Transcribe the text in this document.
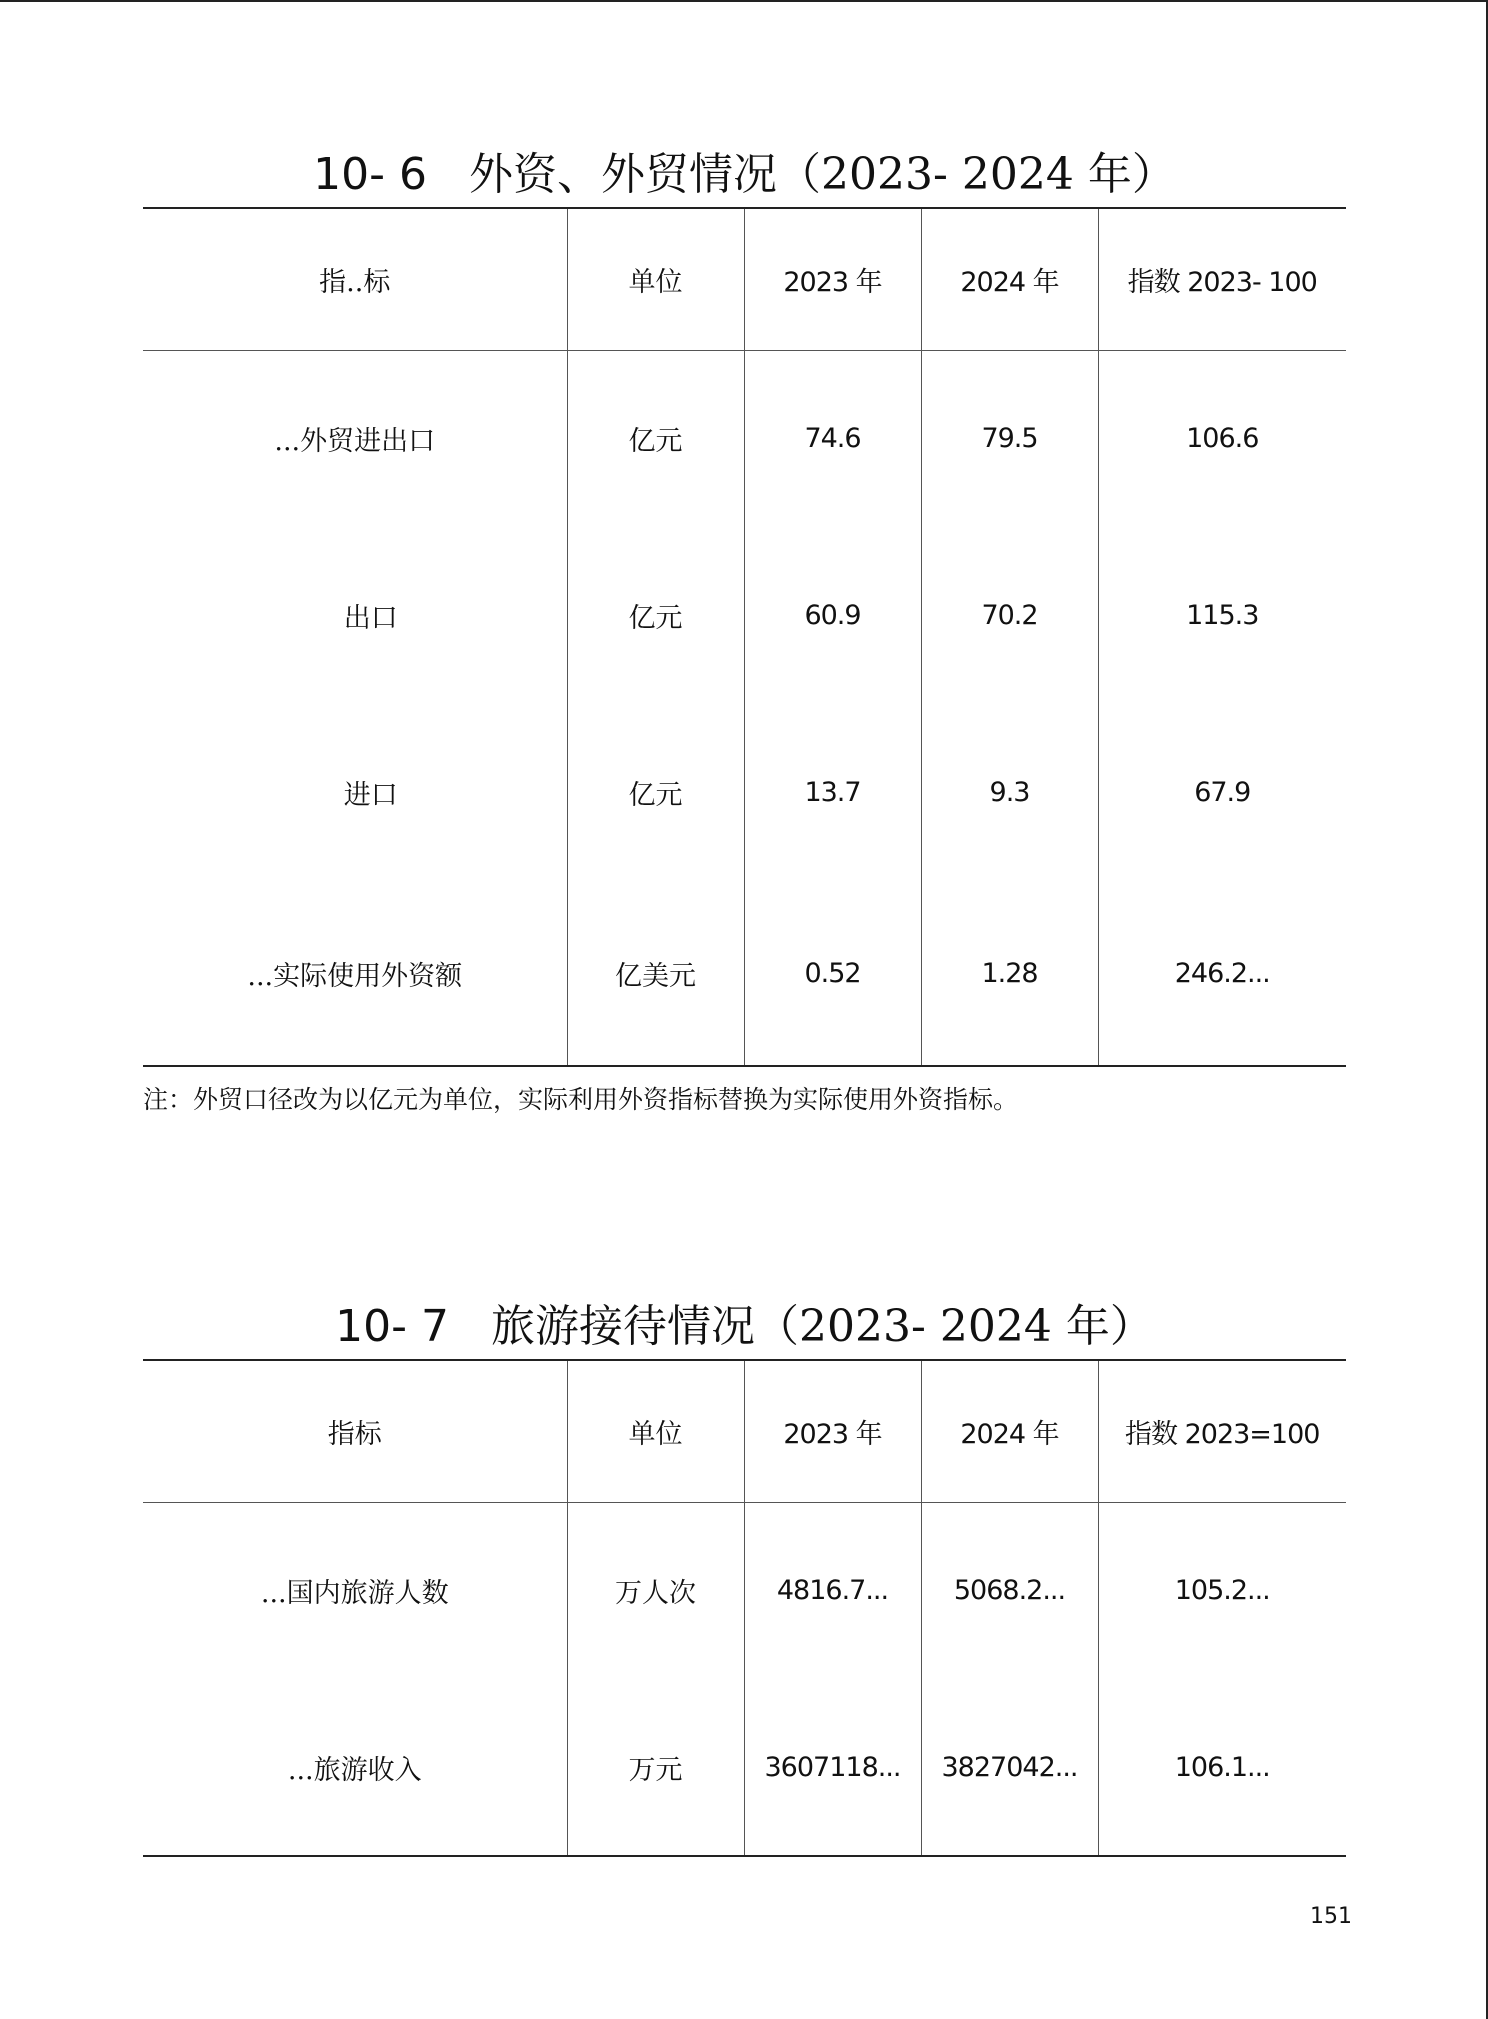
10- 6 外资、外贸情况（2023- 2024 年）
指..标	单位	2023 年	2024 年	指数 2023- 100
...外贸进出口	亿元	74.6	79.5	106.6
出口	亿元	60.9	70.2	115.3
进口	亿元	13.7	9.3	67.9
...实际使用外资额	亿美元	0.52	1.28	246.2...
注：外贸口径改为以亿元为单位，实际利用外资指标替换为实际使用外资指标。
10- 7 旅游接待情况（2023- 2024 年）
指标	单位	2023 年	2024 年	指数 2023=100
...国内旅游人数	万人次	4816.7...	5068.2...	105.2...
...旅游收入	万元	3607118...	3827042...	106.1...
151
